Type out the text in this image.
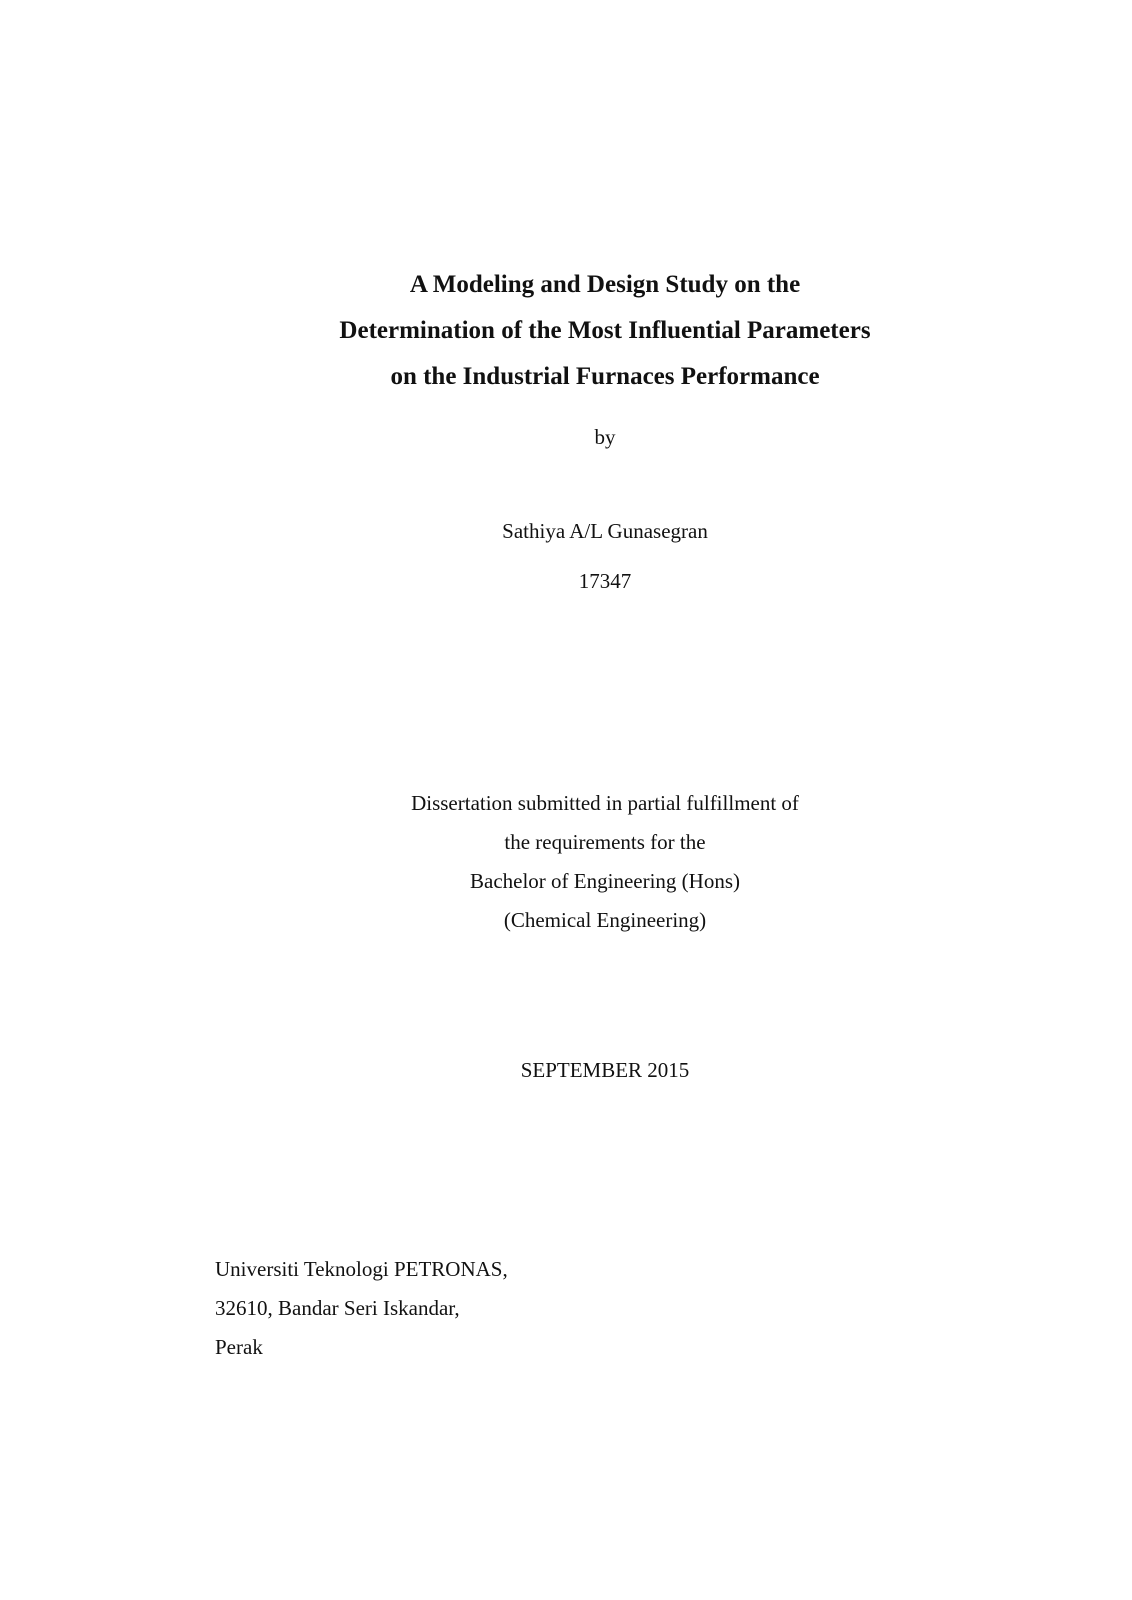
A Modeling and Design Study on the
Determination of the Most Influential Parameters
on the Industrial Furnaces Performance
by
Sathiya A/L Gunasegran
17347
Dissertation submitted in partial fulfillment of
the requirements for the
Bachelor of Engineering (Hons)
(Chemical Engineering)
SEPTEMBER 2015
Universiti Teknologi PETRONAS,
32610, Bandar Seri Iskandar,
Perak
